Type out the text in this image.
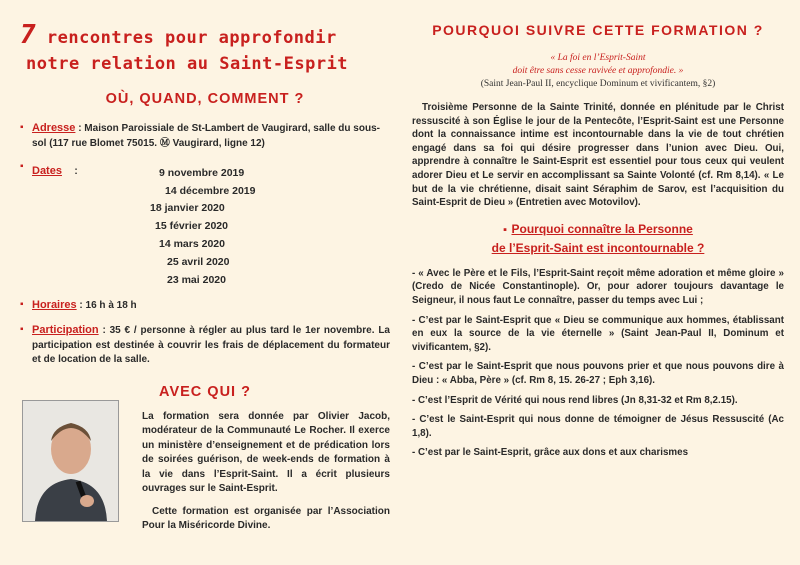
7 rencontres pour approfondir
notre relation au Saint-Esprit
OÙ, QUAND, COMMENT ?
▪ Adresse : Maison Paroissiale de St-Lambert de Vaugirard, salle du sous-sol (117 rue Blomet 75015. Ⓜ Vaugirard, ligne 12)
▪ Dates :	9 novembre 2019
14 décembre 2019
18 janvier 2020
15 février 2020
14 mars 2020
25 avril 2020
23 mai 2020
▪ Horaires : 16 h à 18 h
▪ Participation : 35 € / personne à régler au plus tard le 1er novembre. La participation est destinée à couvrir les frais de déplacement du formateur et de location de la salle.
AVEC QUI ?
La formation sera donnée par Olivier Jacob, modérateur de la Communauté Le Rocher. Il exerce un ministère d’enseignement et de prédication lors de soirées guérison, de week-ends de formation à la vie dans l’Esprit-Saint. Il a écrit plusieurs ouvrages sur le Saint-Esprit.
Cette formation est organisée par l’Association Pour la Miséricorde Divine.
POURQUOI SUIVRE CETTE FORMATION ?
« La foi en l’Esprit-Saint
doit être sans cesse ravivée et approfondie. »
(Saint Jean-Paul II, encyclique Dominum et vivificantem, §2)

Troisième Personne de la Sainte Trinité, donnée en plénitude par le Christ ressuscité à son Église le jour de la Pentecôte, l’Esprit-Saint est une Personne dont la connaissance intime est incontournable dans la vie de tout chrétien engagé dans sa foi qui désire progresser dans l’union avec Dieu. Oui, apprendre à connaître le Saint-Esprit est essentiel pour tous ceux qui veulent adorer Dieu et Le servir en accomplissant sa Sainte Volonté (cf. Rm 8,14). « Le but de la vie chrétienne, disait saint Séraphim de Sarov, est l’acquisition du Saint-Esprit de Dieu » (Entretien avec Motovilov).

▪ Pourquoi connaître la Personne
de l’Esprit-Saint est incontournable ?

- « Avec le Père et le Fils, l’Esprit-Saint reçoit même adoration et même gloire » (Credo de Nicée Constantinople). Or, pour adorer toujours davantage le Seigneur, il nous faut Le connaître, passer du temps avec Lui ;

- C’est par le Saint-Esprit que « Dieu se communique aux hommes, établissant en eux la source de la vie éternelle » (Saint Jean-Paul II, Dominum et vivificantem, §2).

- C’est par le Saint-Esprit que nous pouvons prier et que nous pouvons dire à Dieu : « Abba, Père » (cf. Rm 8, 15. 26-27 ; Eph 3,16).

- C’est l’Esprit de Vérité qui nous rend libres (Jn 8,31-32 et Rm 8,2.15).

- C’est le Saint-Esprit qui nous donne de témoigner de Jésus Ressuscité (Ac 1,8).

- C’est par le Saint-Esprit, grâce aux dons et aux charismes
